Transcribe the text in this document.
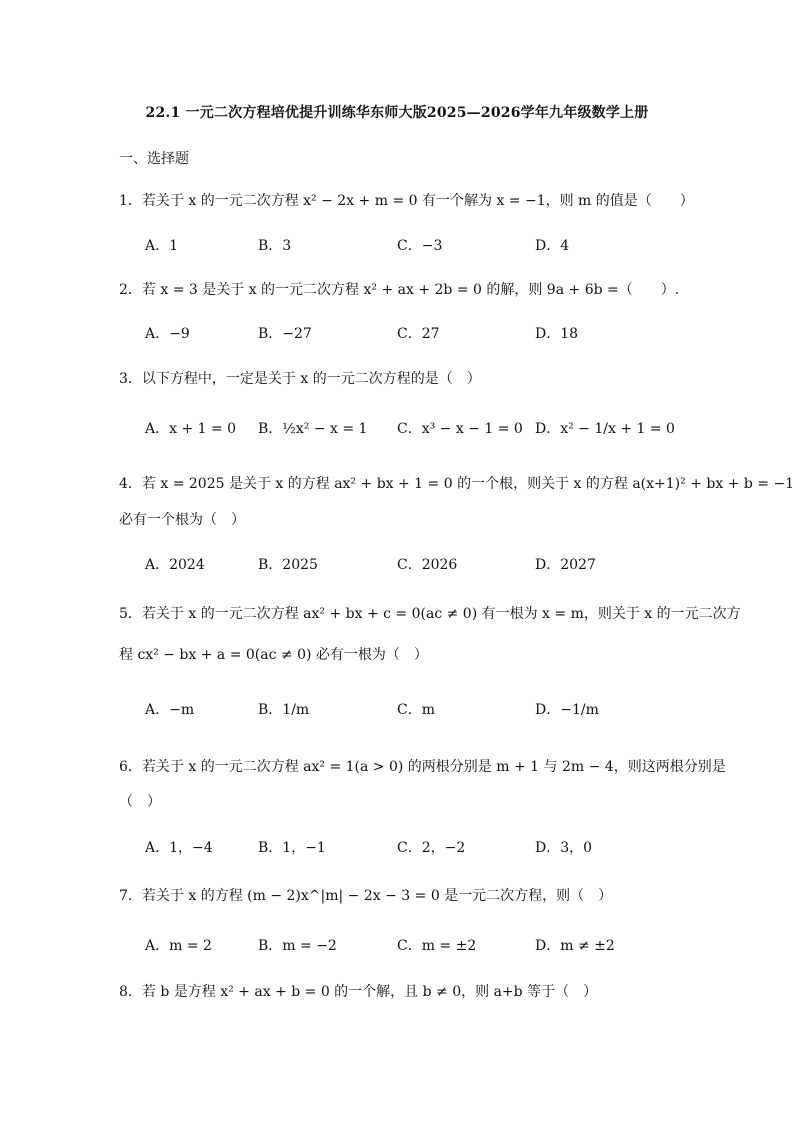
22.1 一元二次方程培优提升训练华东师大版2025—2026学年九年级数学上册
一、选择题
1．若关于 x 的一元二次方程 x² − 2x + m = 0 有一个解为 x = −1，则 m 的值是（　　）
A．1	B．3	C．−3	D．4
2．若 x = 3 是关于 x 的一元二次方程 x² + ax + 2b = 0 的解，则 9a + 6b =（　　）.
A．−9	B．−27	C．27	D．18
3．以下方程中，一定是关于 x 的一元二次方程的是（　）
A．x + 1 = 0 B．½x² − x = 1 C．x³ − x − 1 = 0 D．x² − 1/x + 1 = 0
4．若 x = 2025 是关于 x 的方程 ax² + bx + 1 = 0 的一个根，则关于 x 的方程 a(x+1)² + bx + b = −1
必有一个根为（　）
A．2024	B．2025	C．2026	D．2027
5．若关于 x 的一元二次方程 ax² + bx + c = 0(ac ≠ 0) 有一根为 x = m，则关于 x 的一元二次方
程 cx² − bx + a = 0(ac ≠ 0) 必有一根为（　）
A．−m	B．1/m	C．m	D．−1/m
6．若关于 x 的一元二次方程 ax² = 1(a > 0) 的两根分别是 m + 1 与 2m − 4，则这两根分别是
（　）
A．1，−4	B．1，−1	C．2，−2	D．3，0
7．若关于 x 的方程 (m − 2)x^|m| − 2x − 3 = 0 是一元二次方程，则（　）
A．m = 2	B．m = −2	C．m = ±2	D．m ≠ ±2
8．若 b 是方程 x² + ax + b = 0 的一个解，且 b ≠ 0，则 a+b 等于（　）
